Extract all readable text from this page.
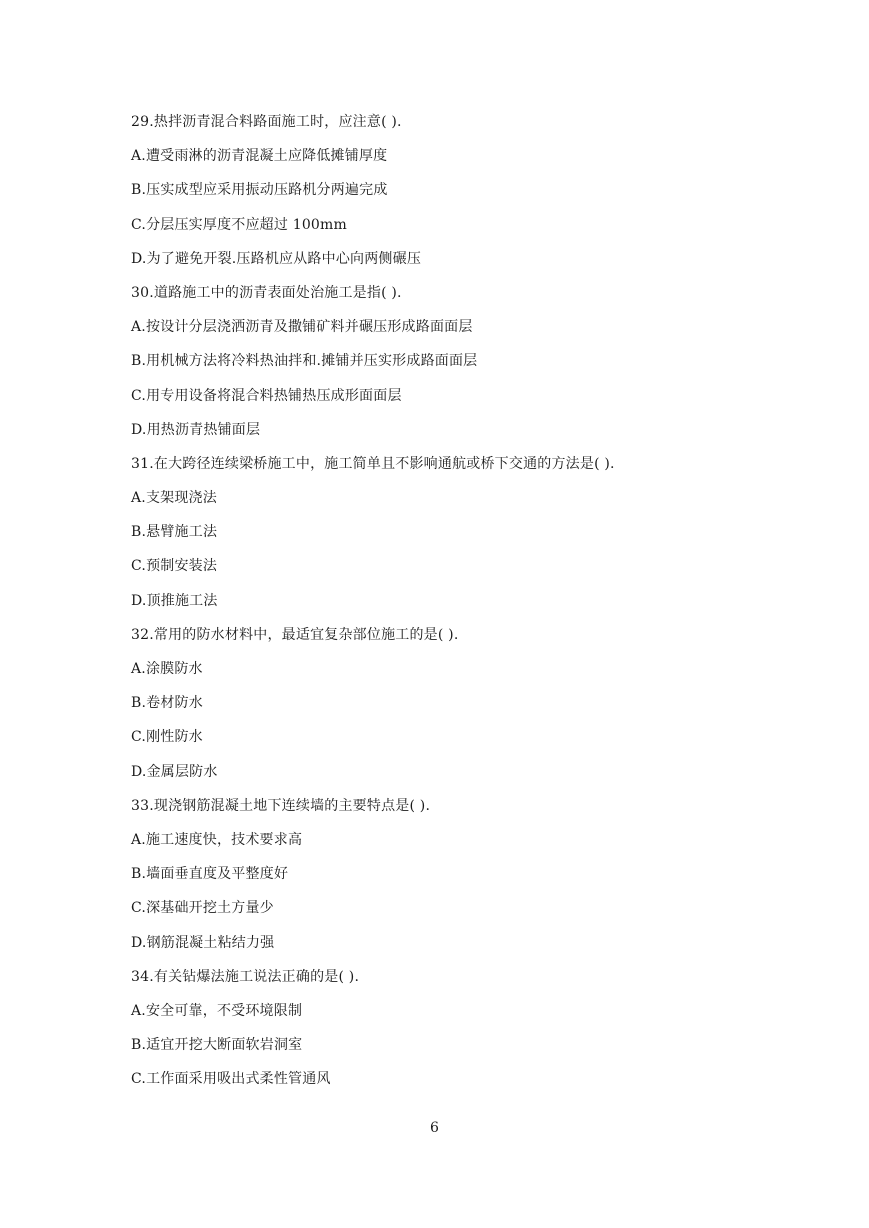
29.热拌沥青混合料路面施工时，应注意( ).
A.遭受雨淋的沥青混凝土应降低摊铺厚度
B.压实成型应采用振动压路机分两遍完成
C.分层压实厚度不应超过 100mm
D.为了避免开裂.压路机应从路中心向两侧碾压
30.道路施工中的沥青表面处治施工是指( ).
A.按设计分层浇洒沥青及撒铺矿料并碾压形成路面面层
B.用机械方法将冷料热油拌和.摊铺并压实形成路面面层
C.用专用设备将混合料热铺热压成形面面层
D.用热沥青热铺面层
31.在大跨径连续梁桥施工中，施工简单且不影响通航或桥下交通的方法是( ).
A.支架现浇法
B.悬臂施工法
C.预制安装法
D.顶推施工法
32.常用的防水材料中，最适宜复杂部位施工的是( ).
A.涂膜防水
B.卷材防水
C.刚性防水
D.金属层防水
33.现浇钢筋混凝土地下连续墙的主要特点是( ).
A.施工速度快，技术要求高
B.墙面垂直度及平整度好
C.深基础开挖土方量少
D.钢筋混凝土粘结力强
34.有关钻爆法施工说法正确的是( ).
A.安全可靠，不受环境限制
B.适宜开挖大断面软岩洞室
C.工作面采用吸出式柔性管通风
6
